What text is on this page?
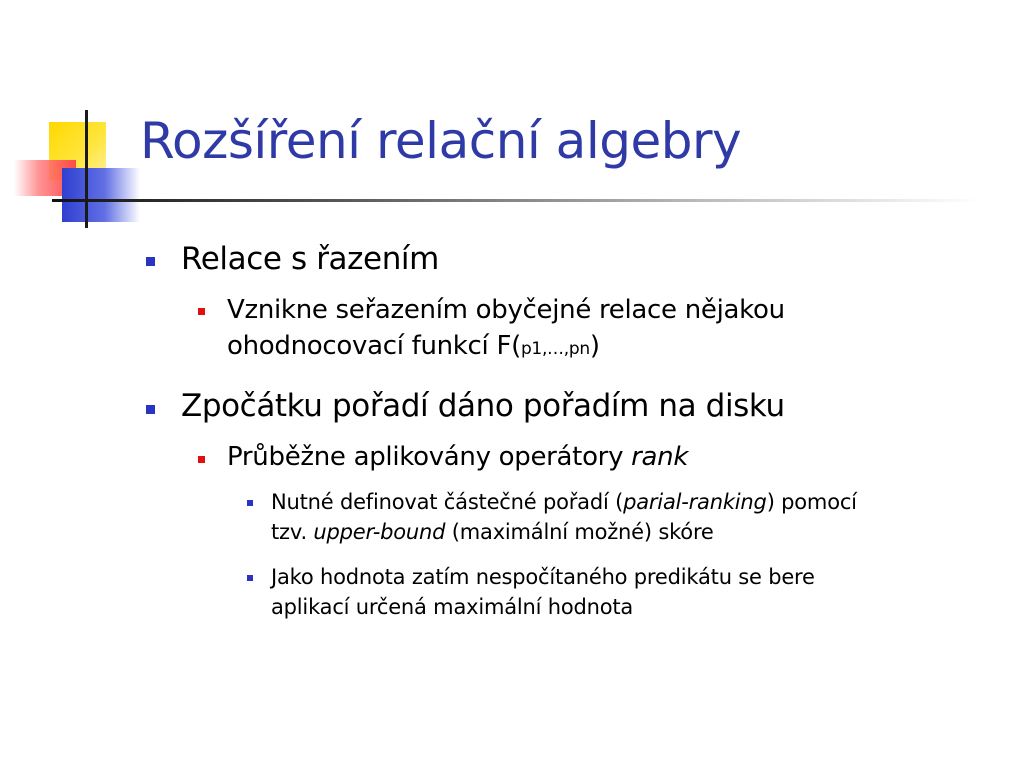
Rozšíření relační algebry
Relace s řazením
Vznikne seřazením obyčejné relace nějakou
ohodnocovací funkcí F(p1,…,pn)
Zpočátku pořadí dáno pořadím na disku
Průběžne aplikovány operátory rank
Nutné definovat částečné pořadí (parial-ranking) pomocí
tzv. upper-bound (maximální možné) skóre
Jako hodnota zatím nespočítaného predikátu se bere
aplikací určená maximální hodnota
